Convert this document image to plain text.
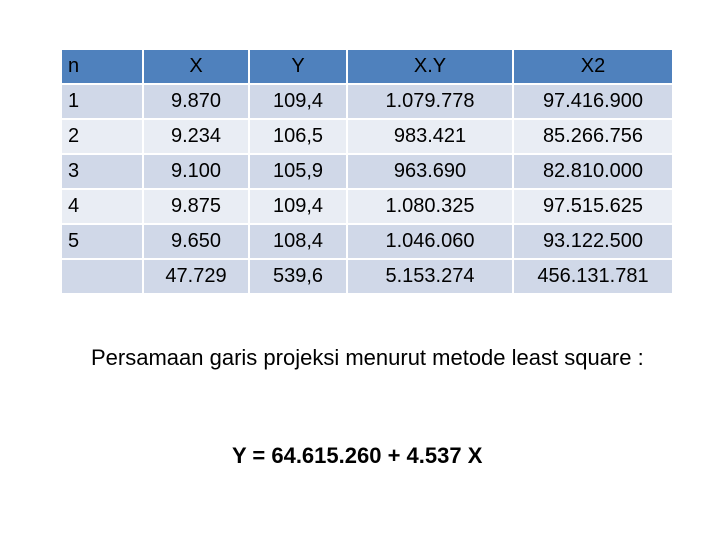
n	X	Y	X.Y	X2
1	9.870	109,4	1.079.778	97.416.900
2	9.234	106,5	983.421	85.266.756
3	9.100	105,9	963.690	82.810.000
4	9.875	109,4	1.080.325	97.515.625
5	9.650	108,4	1.046.060	93.122.500
	47.729	539,6	5.153.274	456.131.781
Persamaan garis projeksi menurut metode least square :
Y = 64.615.260 + 4.537 X
